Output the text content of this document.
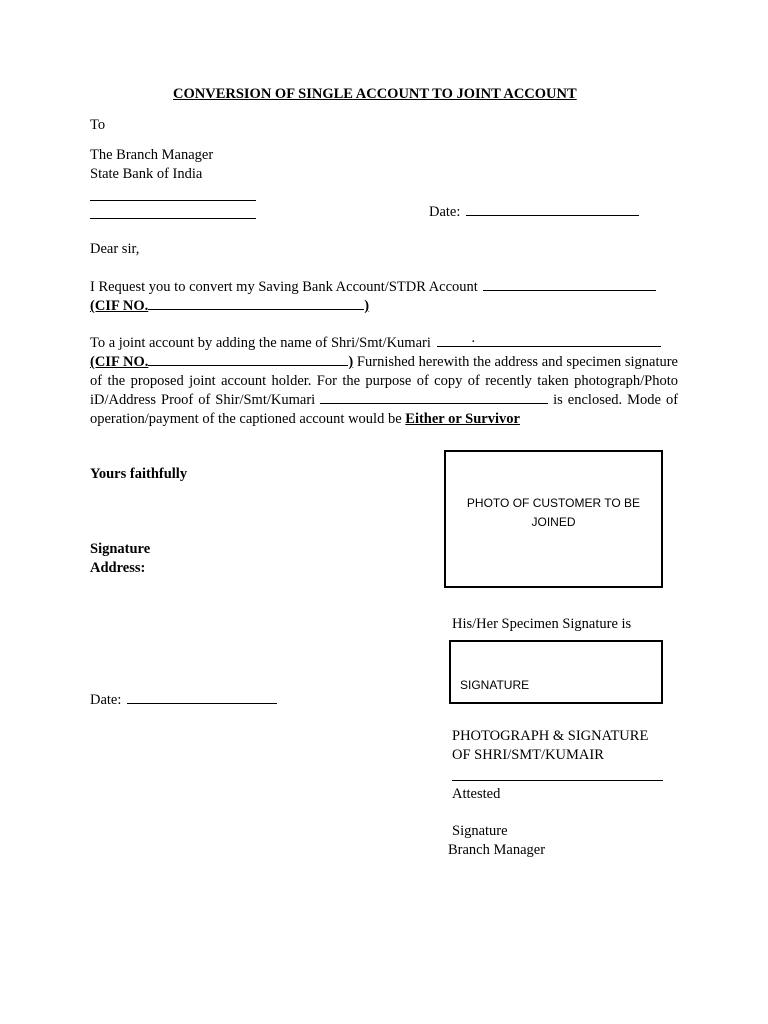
CONVERSION OF SINGLE ACCOUNT TO JOINT ACCOUNT
To
The Branch Manager
State Bank of India
Date:
Dear sir,
I Request you to convert my Saving Bank Account/STDR Account
(CIF NO.	)
To a joint account by adding the name of Shri/Smt/Kumari	.
(CIF NO.	) Furnished herewith the address and specimen signature of the proposed joint account holder. For the purpose of copy of recently taken photograph/Photo iD/Address Proof of Shir/Smt/Kumari	is enclosed. Mode of operation/payment of the captioned account would be Either or Survivor
Yours faithfully
Signature
Address:
PHOTO OF CUSTOMER TO BE JOINED
His/Her Specimen Signature is
SIGNATURE
Date:
PHOTOGRAPH & SIGNATURE
OF SHRI/SMT/KUMAIR
Attested
Signature
Branch Manager
